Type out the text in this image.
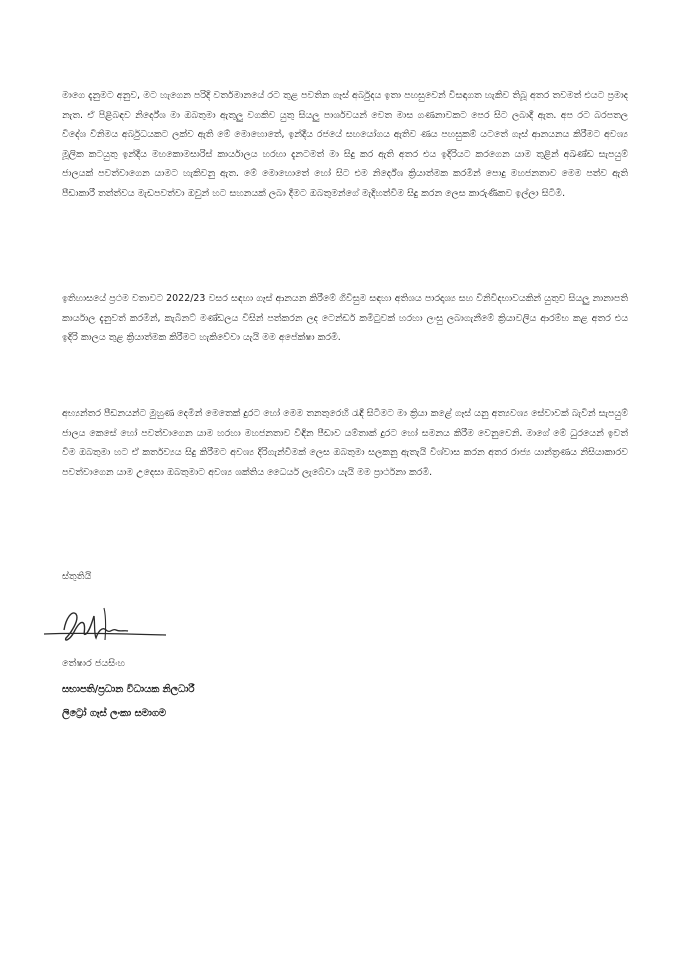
මාගෙ දැනුමට අනුව, මට හැගෙන පරිදි වර්තමානයේ රට තුළ පවතින ගෑස් අර්බුදය ඉතා පහසුවෙන් විසඳාගත හැකිව තිබූ අතර තවමත් එයට ප්‍රමාද නැත. ඒ පිළිබඳව නිර්දේශ මා ඔබතුමා ඇතුලු වගකිව යුතු සියලු පාර්ශවයන් වෙත මාස ගණනාවකට පෙර සිට ලබාදී ඇත. අප රට බරපතල විදේශ විනිමය අර්බුධයකට ලක්ව ඇති මේ මොහොතේ, ඉන්දීය රජයේ සහයෝගය ඇතිව ණය පහසුකම් යටතේ ගෑස් ආනයනය කිරීමට අවශ්‍ය මූලික කටයුතු ඉන්දීය මහකොමසාරිස් කාර්යාලය හරහා දැනටමත් මා සිදු කර ඇති අතර එය ඉදිරියට කරගෙන යාම තුළින් අඛණ්ඩ සැපයුම් ජාලයක් පවත්වාගෙන යාමට හැකිවනු ඇත. මේ මොහොතේ හෝ සිට එම නිර්දේශ ක්‍රියාත්මක කරමින් පොදු මහජනතාව මෙම පත්ව ඇති පීඩාකාරී තත්ත්වය මැඩපවත්වා ඔවුන් හට සහනයක් ලබා දීමට ඔබතුමන්ගේ මැදිහත්වීම සිදු කරන ලෙස කාරුණිකව ඉල්ලා සිටිමි.

ඉතිහාසයේ ප්‍රථම වතාවට 2022/23 වසර සඳහා ගෑස් ආනයන කිරීමේ ගිවිසුම සඳහා අතිශය පාරදෘශ්‍ය සහ විනිවිදභාවයකින් යුතුව සියලු නානාපති කාර්යාල දැනුවත් කරමින්, කැබිනට් මණ්ඩලය විසින් පත්කරන ලද ටෙන්ඩර් කමිටුවක් හරහා ලංසු ලබාගැනීමේ ක්‍රියාවලිය ආරම්භ කළ අතර එය ඉදිරි කාලය තුළ ක්‍රියාත්මක කිරීමට හැකිවේවා යැයි මම අපේක්ෂා කරමි.

අභ්‍යන්තර පීඩනයන්ට මුහුණ දෙමින් මෙතෙක් දුරට හෝ මෙම තනතුරෙහි රැඳී සිටීමට මා ක්‍රියා කළේ ගෑස් යනු අත්‍යවශ්‍ය සේවාවක් බැවින් සැපයුම් ජාලය කෙසේ හෝ පවත්වාගෙන යාම හරහා මහජනතාව විඳින පීඩාව යම්තාක් දුරට හෝ සමනය කිරීම වෙනුවෙනි. මාගේ මේ ධුරයෙන් ඉවත් වීම ඔබතුමා හට ඒ කර්තව්‍යය සිදු කිරීමට අවශ්‍ය දිරිගැන්වීමක් ලෙස ඔබතුමා සලකනු ඇතැයි විශ්වාස කරන අතර රාජ්‍ය යාන්ත්‍රණය නිසියාකාරව පවත්වාගෙන යාම උදෙසා ඔබතුමාට අවශ්‍ය ශක්තිය ධෛර්ය ලැබේවා යැයි මම ප්‍රාර්ථනා කරමි.

ස්තුතියි

තේෂාර ජයසිංහ

සභාපති/ප්‍රධාන විධායක නිලධාරී

ලිට්‍රෝ ගෑස් ලංකා සමාගම
